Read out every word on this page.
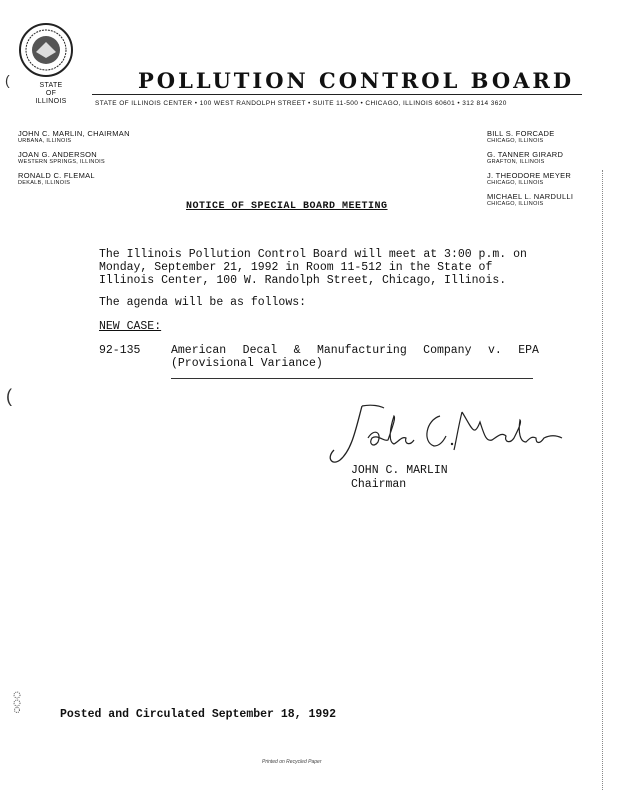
STATE
OF
ILLINOIS
(	POLLUTION CONTROL BOARD
STATE OF ILLINOIS CENTER • 100 WEST RANDOLPH STREET • SUITE 11-500 • CHICAGO, ILLINOIS 60601 • 312 814 3620
JOHN C. MARLIN, CHAIRMAN
URBANA, ILLINOIS
JOAN G. ANDERSON
WESTERN SPRINGS, ILLINOIS
RONALD C. FLEMAL
DEKALB, ILLINOIS
BILL S. FORCADE
CHICAGO, ILLINOIS
G. TANNER GIRARD
GRAFTON, ILLINOIS
J. THEODORE MEYER
CHICAGO, ILLINOIS
MICHAEL L. NARDULLI
CHICAGO, ILLINOIS
NOTICE OF SPECIAL BOARD MEETING
The Illinois Pollution Control Board will meet at 3:00 p.m. on
Monday, September 21, 1992 in Room 11-512 in the State of
Illinois Center, 100 W. Randolph Street, Chicago, Illinois.
The agenda will be as follows:
NEW CASE:
92-135	American Decal & Manufacturing Company v. EPA
(Provisional Variance)
(
JOHN C. MARLIN
Chairman
Posted and Circulated September 18, 1992
Printed on Recycled Paper
